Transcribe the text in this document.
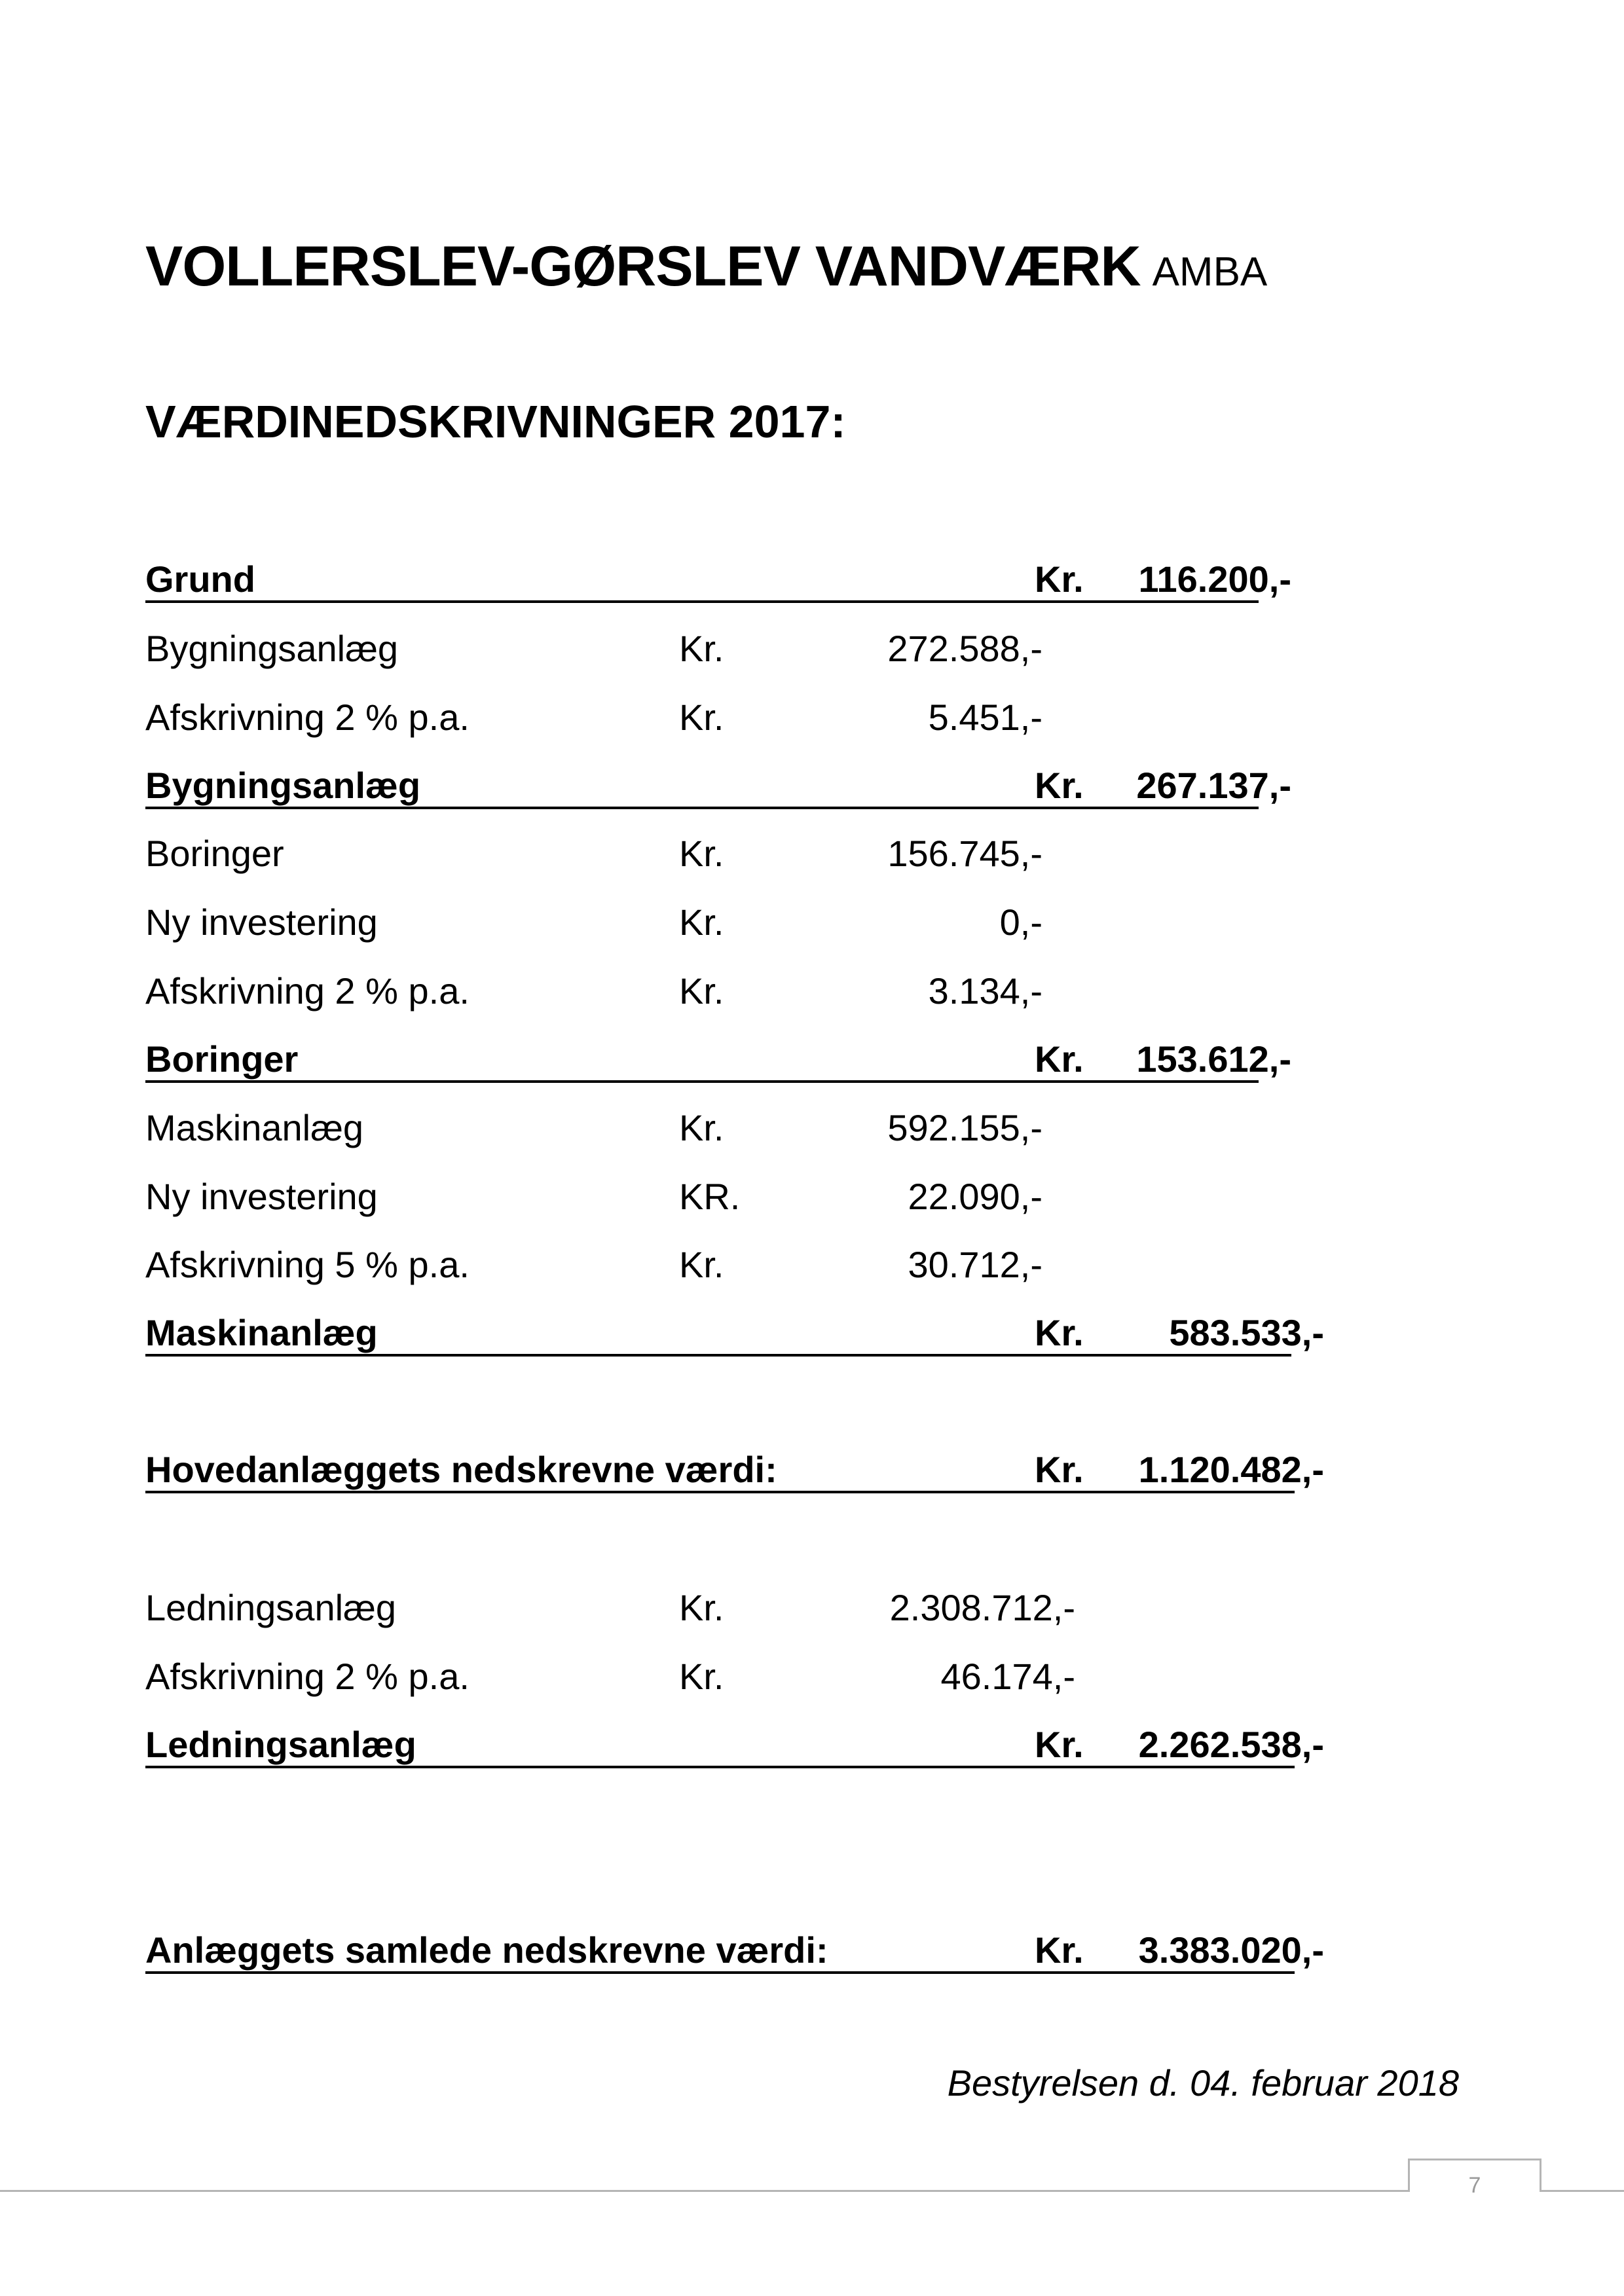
VOLLERSLEV-GØRSLEV VANDVÆRK AMBA
VÆRDINEDSKRIVNINGER 2017:
Grund	Kr.	116.200,-
Bygningsanlæg	Kr.	272.588,-
Afskrivning 2 % p.a.	Kr.	5.451,-
Bygningsanlæg	Kr.	267.137,-
Boringer	Kr.	156.745,-
Ny investering	Kr.	0,-
Afskrivning 2 % p.a.	Kr.	3.134,-
Boringer	Kr.	153.612,-
Maskinanlæg	Kr.	592.155,-
Ny investering	KR.	22.090,-
Afskrivning 5 % p.a.	Kr.	30.712,-
Maskinanlæg	Kr.	583.533,-
Hovedanlæggets nedskrevne værdi:	Kr.	1.120.482,-
Ledningsanlæg	Kr.	2.308.712,-
Afskrivning 2 % p.a.	Kr.	46.174,-
Ledningsanlæg	Kr.	2.262.538,-
Anlæggets samlede nedskrevne værdi:	Kr.	3.383.020,-
Bestyrelsen d. 04. februar 2018
7
